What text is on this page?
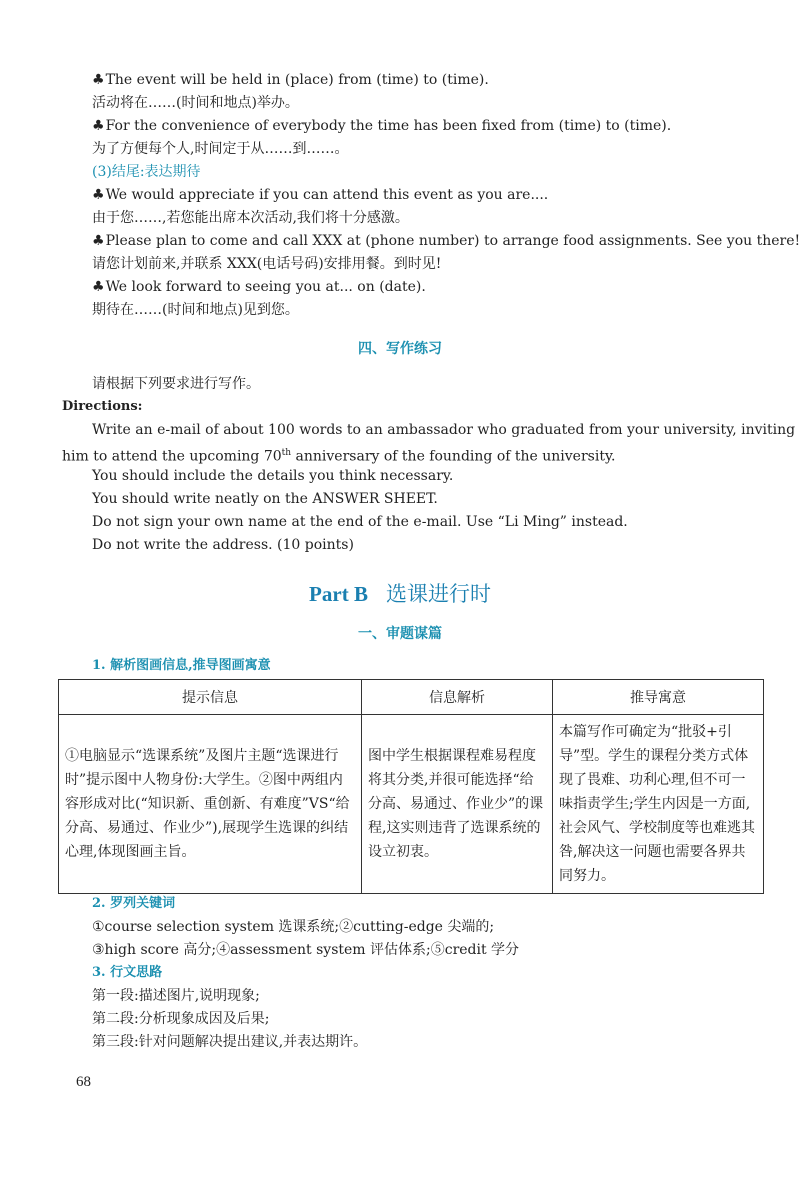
♣The event will be held in (place) from (time) to (time).
活动将在……(时间和地点)举办。
♣For the convenience of everybody the time has been fixed from (time) to (time).
为了方便每个人,时间定于从……到……。
(3)结尾:表达期待
♣We would appreciate if you can attend this event as you are....
由于您……,若您能出席本次活动,我们将十分感激。
♣Please plan to come and call XXX at (phone number) to arrange food assignments. See you there!
请您计划前来,并联系 XXX(电话号码)安排用餐。到时见!
♣We look forward to seeing you at... on (date).
期待在……(时间和地点)见到您。
四、写作练习
请根据下列要求进行写作。
Directions:
Write an e-mail of about 100 words to an ambassador who graduated from your university, inviting
him to attend the upcoming 70th anniversary of the founding of the university.
You should include the details you think necessary.
You should write neatly on the ANSWER SHEET.
Do not sign your own name at the end of the e-mail. Use “Li Ming” instead.
Do not write the address. (10 points)
Part B 选课进行时
一、审题谋篇
1. 解析图画信息,推导图画寓意
提示信息	信息解析	推导寓意
①电脑显示“选课系统”及图片主题“选课进行时”提示图中人物身份:大学生。②图中两组内容形成对比(“知识新、重创新、有难度”VS“给分高、易通过、作业少”),展现学生选课的纠结心理,体现图画主旨。	图中学生根据课程难易程度将其分类,并很可能选择“给分高、易通过、作业少”的课程,这实则违背了选课系统的设立初衷。	本篇写作可确定为“批驳+引导”型。学生的课程分类方式体现了畏难、功利心理,但不可一味指责学生;学生内因是一方面,社会风气、学校制度等也难逃其咎,解决这一问题也需要各界共同努力。
2. 罗列关键词
①course selection system 选课系统;②cutting-edge 尖端的;
③high score 高分;④assessment system 评估体系;⑤credit 学分
3. 行文思路
第一段:描述图片,说明现象;
第二段:分析现象成因及后果;
第三段:针对问题解决提出建议,并表达期许。
68
